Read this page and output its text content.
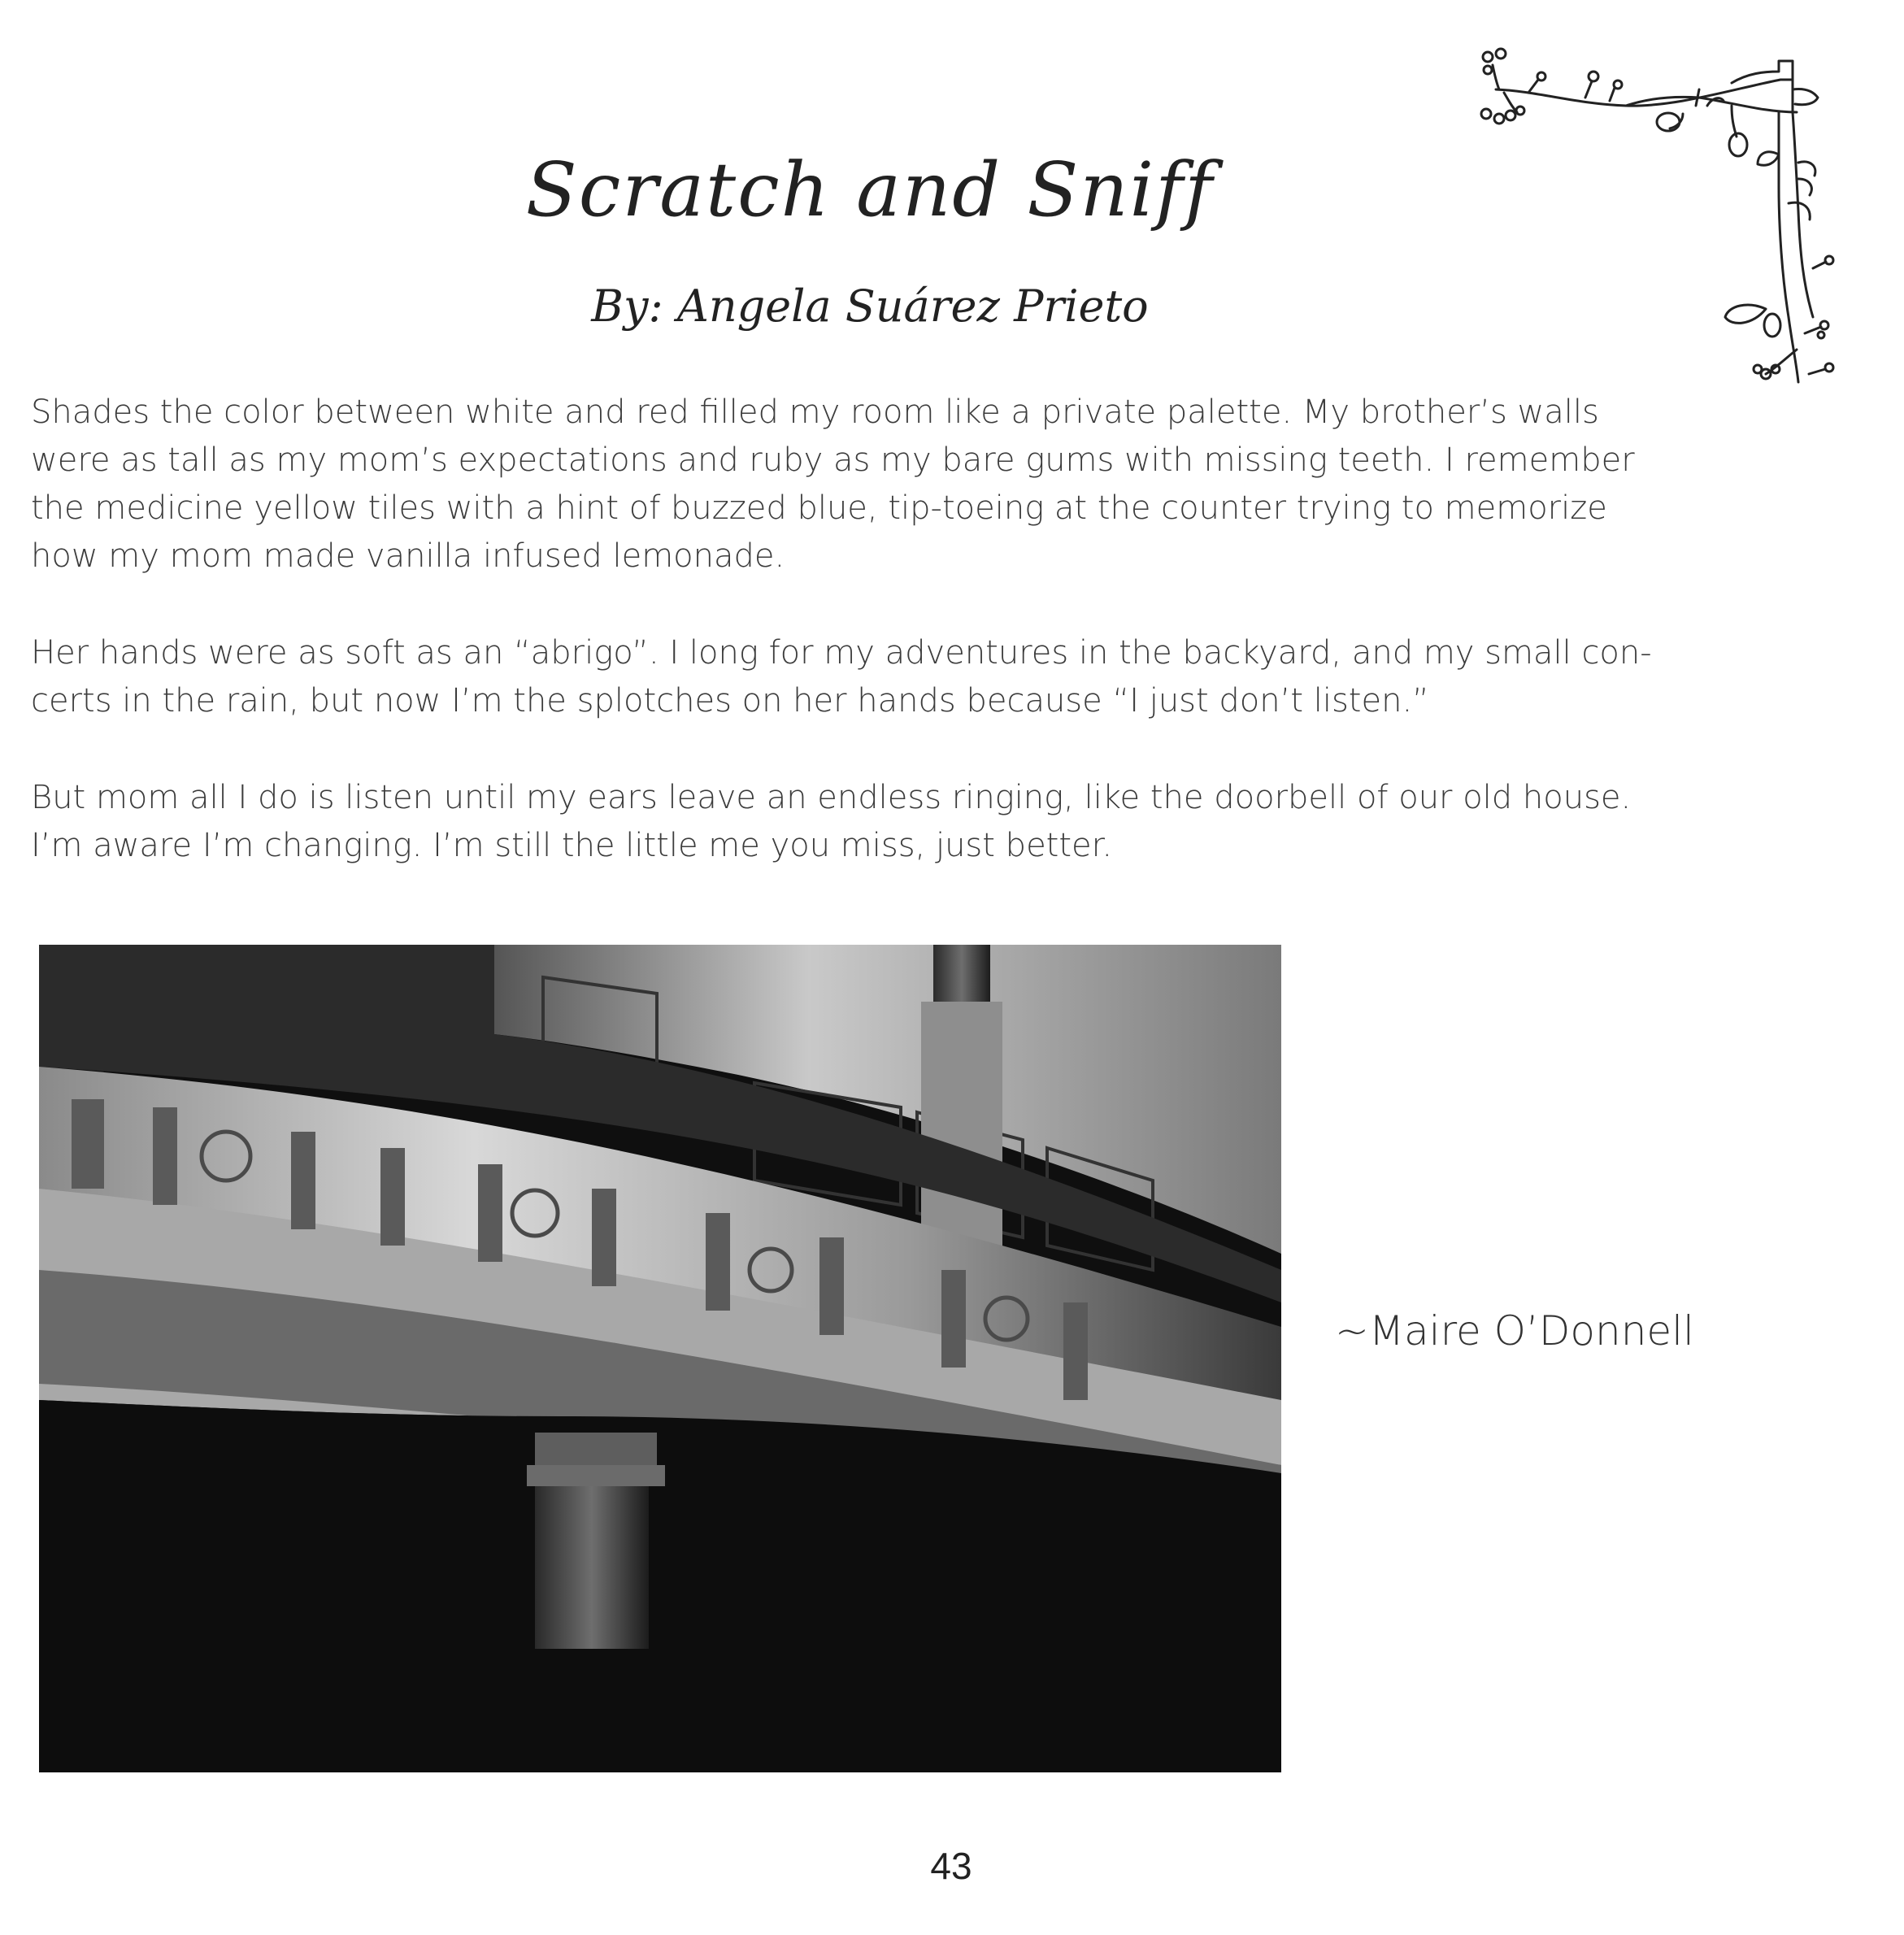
Scratch and Sniff
By: Angela Suárez Prieto

Shades the color between white and red filled my room like a private palette. My brother’s walls

were as tall as my mom’s expectations and ruby as my bare gums with missing teeth. I remember

the medicine yellow tiles with a hint of buzzed blue, tip-toeing at the counter trying to memorize

how my mom made vanilla infused lemonade.

Her hands were as soft as an “abrigo”. I long for my adventures in the backyard, and my small con-

certs in the rain, but now I’m the splotches on her hands because “I just don’t listen.”

But mom all I do is listen until my ears leave an endless ringing, like the doorbell of our old house.

I’m aware I’m changing. I’m still the little me you miss, just better.

~Maire O’Donnell
43
